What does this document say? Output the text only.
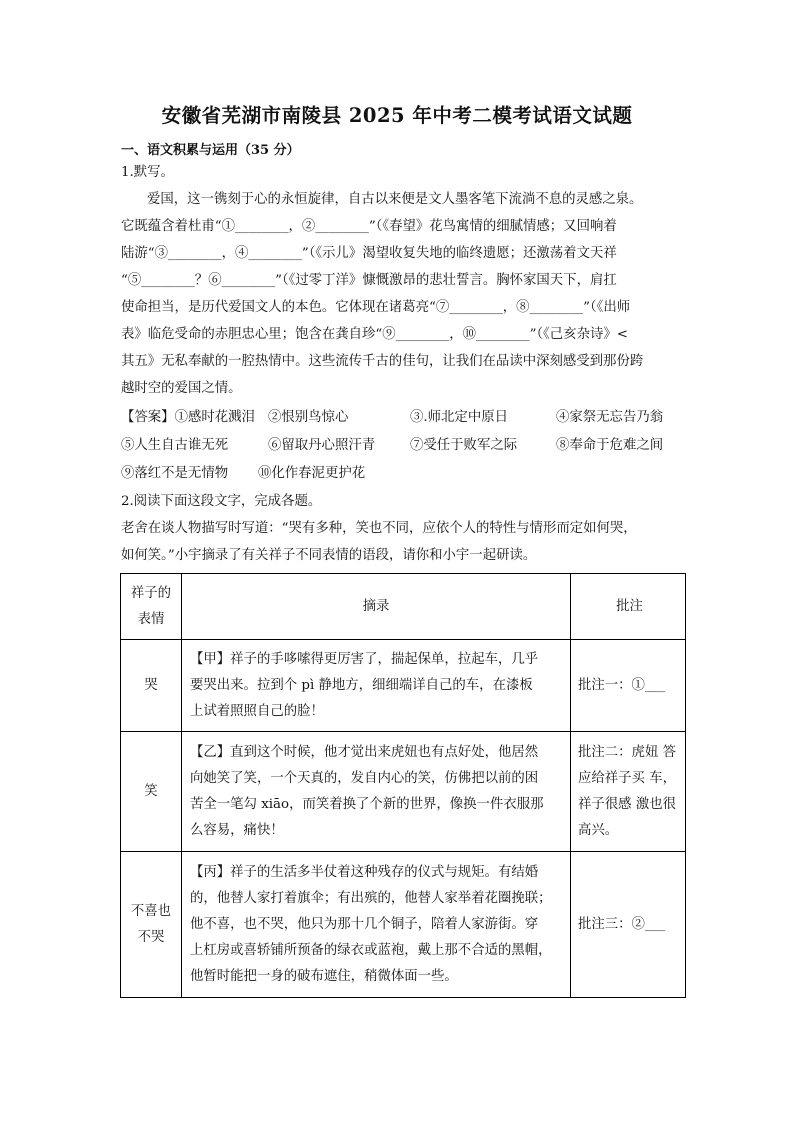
安徽省芜湖市南陵县 2025 年中考二模考试语文试题
一、语文积累与运用（35 分）
1.默写。
爱国，这一镌刻于心的永恒旋律，自古以来便是文人墨客笔下流淌不息的灵感之泉。
它既蕴含着杜甫“①________，②________”（《春望》花鸟寓情的细腻情感；又回响着
陆游“③________，④________”（《示儿》渴望收复失地的临终遗愿；还激荡着文天祥
“⑤________？⑥________”（《过零丁洋》慷慨激昂的悲壮誓言。胸怀家国天下，肩扛
使命担当，是历代爱国文人的本色。它体现在诸葛亮“⑦________，⑧________”（《出师
表》临危受命的赤胆忠心里；饱含在龚自珍“⑨________，⑩________”（《己亥杂诗》<
其五》无私奉献的一腔热情中。这些流传千古的佳句，让我们在品读中深刻感受到那份跨
越时空的爱国之情。
【答案】①感时花溅泪 ②恨别鸟惊心	③.师北定中原日	④家祭无忘告乃翁
⑤人生自古谁无死	⑥留取丹心照汗青	⑦受任于败军之际	⑧奉命于危难之间
⑨落红不是无情物 ⑩化作春泥更护花
2.阅读下面这段文字，完成各题。
老舍在谈人物描写时写道：“哭有多种，笑也不同，应依个人的特性与情形而定如何哭，
如何笑。”小宇摘录了有关祥子不同表情的语段，请你和小宇一起研读。
祥子的
表情	摘录	批注
哭	【甲】祥子的手哆嗦得更厉害了，揣起保单，拉起车，几乎
要哭出来。拉到个 pì 静地方，细细端详自己的车，在漆板
上试着照照自己的脸！	批注一：①___
笑	【乙】直到这个时候，他才觉出来虎妞也有点好处，他居然
向她笑了笑，一个天真的，发自内心的笑，仿佛把以前的困
苦全一笔勾 xiāo，而笑着换了个新的世界，像换一件衣服那
么容易，痛快！	批注二：虎妞 答应给祥子买 车，祥子很感 激也很高兴。

不喜也
不哭	【丙】祥子的生活多半仗着这种残存的仪式与规矩。有结婚
的，他替人家打着旗伞；有出殡的，他替人家举着花圈挽联；
他不喜，也不哭，他只为那十几个铜子，陪着人家游街。穿
上杠房或喜轿铺所预备的绿衣或蓝袍，戴上那不合适的黑帽，
他暂时能把一身的破布遮住，稍微体面一些。	批注三：②___
